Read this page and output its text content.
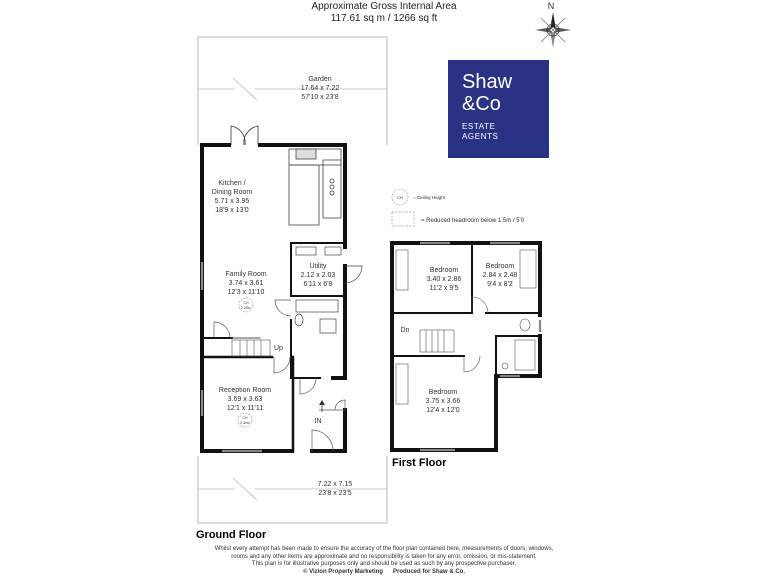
Approximate Gross Internal Area
117.61 sq m / 1266 sq ft
N
CH = Ceiling Height
= Reduced headroom below 1.5m / 5'0
Garden
17.64 x 7.22
57'10 x 23'8
7.22 x 7.15
23'8 x 23'5
Kitchen /
Dining Room
5.71 x 3.95
18'9 x 13'0
Family Room
3.74 x 3.61
12'3 x 11'10
CH
2.28m
Utility
2.12 x 2.03
6'11 x 6'8
Up
Reception Room
3.69 x 3.63
12'1 x 11'11
CH
2.49m	IN
Ground Floor
Bedroom
3.40 x 2.86
11'2 x 9'5
Bedroom
2.84 x 2.48
9'4 x 8'2
Dn
Bedroom
3.75 x 3.66
12'4 x 12'0
First Floor
Shaw
&Co
ESTATE
AGENTS
Whilst every attempt has been made to ensure the accuracy of the floor plan contained here, measurements of doors, windows,
rooms and any other items are approximate and no responsibility is taken for any error, omission, or mis-statement.
This plan is for illustrative purposes only and should be used as such by any prospective purchaser.
© Vizion Property Marketing Produced for Shaw & Co.
